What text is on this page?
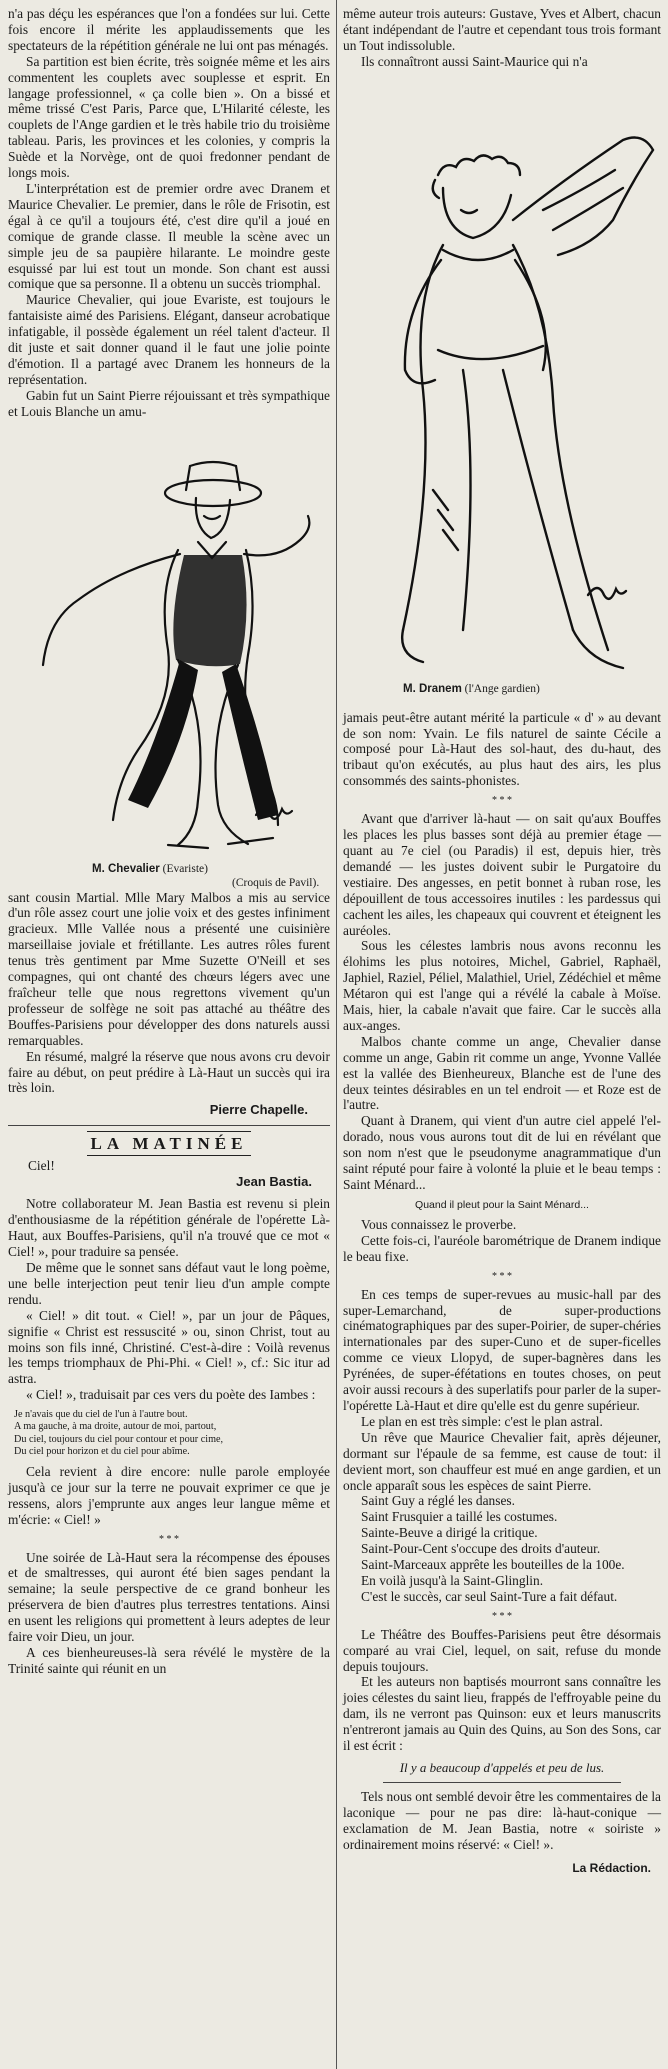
n'a pas déçu les espérances que l'on a fondées sur lui. Cette fois encore il mérite les applaudissements que les spectateurs de la répétition générale ne lui ont pas ménagés.

Sa partition est bien écrite, très soignée même et les airs commentent les couplets avec souplesse et esprit. En langage professionnel, « ça colle bien ». On a bissé et même trissé C'est Paris, Parce que, L'Hilarité céleste, les couplets de l'Ange gardien et le très habile trio du troisième tableau. Paris, les provinces et les colonies, y compris la Suède et la Norvège, ont de quoi fredonner pendant de longs mois.

L'interprétation est de premier ordre avec Dranem et Maurice Chevalier. Le premier, dans le rôle de Frisotin, est égal à ce qu'il a toujours été, c'est dire qu'il a joué en comique de grande classe. Il meuble la scène avec un simple jeu de sa paupière hilarante. Le moindre geste esquissé par lui est tout un monde. Son chant est aussi comique que sa personne. Il a obtenu un succès triomphal.

Maurice Chevalier, qui joue Evariste, est toujours le fantaisiste aimé des Parisiens. Elégant, danseur acrobatique infatigable, il possède également un réel talent d'acteur. Il dit juste et sait donner quand il le faut une jolie pointe d'émotion. Il a partagé avec Dranem les honneurs de la représentation.

Gabin fut un Saint Pierre réjouissant et très sympathique et Louis Blanche un amu-

M. Chevalier (Evariste)
(Croquis de Pavil).

sant cousin Martial. Mlle Mary Malbos a mis au service d'un rôle assez court une jolie voix et des gestes infiniment gracieux. Mlle Vallée nous a présenté une cuisinière marseillaise joviale et frétillante. Les autres rôles furent tenus très gentiment par Mme Suzette O'Neill et ses compagnes, qui ont chanté des chœurs légers avec une fraîcheur telle que nous regrettons vivement qu'un professeur de solfège ne soit pas attaché au théâtre des Bouffes-Parisiens pour développer des dons naturels aussi remarquables.

En résumé, malgré la réserve que nous avons cru devoir faire au début, on peut prédire à Là-Haut un succès qui ira très loin.

Pierre Chapelle.
LA MATINÉE
Ciel!
Jean Bastia.

Notre collaborateur M. Jean Bastia est revenu si plein d'enthousiasme de la répétition générale de l'opérette Là-Haut, aux Bouffes-Parisiens, qu'il n'a trouvé que ce mot « Ciel! », pour traduire sa pensée.

De même que le sonnet sans défaut vaut le long poème, une belle interjection peut tenir lieu d'un ample compte rendu.

« Ciel! » dit tout. « Ciel! », par un jour de Pâques, signifie « Christ est ressuscité » ou, sinon Christ, tout au moins son fils inné, Christiné. C'est-à-dire : Voilà revenus les temps triomphaux de Phi-Phi. « Ciel! », cf.: Sic itur ad astra.

« Ciel! », traduisait par ces vers du poète des Iambes :

Je n'avais que du ciel de l'un à l'autre bout.
A ma gauche, à ma droite, autour de moi, partout,
Du ciel, toujours du ciel pour contour et pour cime,
Du ciel pour horizon et du ciel pour abîme.

Cela revient à dire encore: nulle parole employée jusqu'à ce jour sur la terre ne pouvait exprimer ce que je ressens, alors j'emprunte aux anges leur langue même et m'écrie: « Ciel! »

* * *

Une soirée de Là-Haut sera la récompense des épouses et de smaltresses, qui auront été bien sages pendant la semaine; la seule perspective de ce grand bonheur les préservera de bien d'autres plus terrestres tentations. Ainsi en usent les religions qui promettent à leurs adeptes de leur faire voir Dieu, un jour.

A ces bienheureuses-là sera révélé le mystère de la Trinité sainte qui réunit en un

même auteur trois auteurs: Gustave, Yves et Albert, chacun étant indépendant de l'autre et cependant tous trois formant un Tout indissoluble.

Ils connaîtront aussi Saint-Maurice qui n'a

M. Dranem (l'Ange gardien)

jamais peut-être autant mérité la particule « d' » au devant de son nom: Yvain. Le fils naturel de sainte Cécile a composé pour Là-Haut des sol-haut, des du-haut, des tribaut qu'on exécutés, au plus haut des airs, les plus consommés des saints-phonistes.

* * *

Avant que d'arriver là-haut — on sait qu'aux Bouffes les places les plus basses sont déjà au premier étage — quant au 7e ciel (ou Paradis) il est, depuis hier, très demandé — les justes doivent subir le Purgatoire du vestiaire. Des angesses, en petit bonnet à ruban rose, les dépouillent de tous accessoires inutiles : les pardessus qui cachent les ailes, les chapeaux qui couvrent et éteignent les auréoles.

Sous les célestes lambris nous avons reconnu les élohims les plus notoires, Michel, Gabriel, Raphaël, Japhiel, Raziel, Péliel, Malathiel, Uriel, Zédéchiel et même Métaron qui est l'ange qui a révélé la cabale à Moïse. Mais, hier, la cabale n'avait que faire. Car le succès alla aux-anges.

Malbos chante comme un ange, Chevalier danse comme un ange, Gabin rit comme un ange, Yvonne Vallée est la vallée des Bienheureux, Blanche est de l'une des deux teintes désirables en un tel endroit — et Roze est de l'autre.

Quant à Dranem, qui vient d'un autre ciel appelé l'el-dorado, nous vous aurons tout dit de lui en révélant que son nom n'est que le pseudonyme anagrammatique d'un saint réputé pour faire à volonté la pluie et le beau temps : Saint Ménard...

Quand il pleut pour la Saint Ménard...

Vous connaissez le proverbe.

Cette fois-ci, l'auréole barométrique de Dranem indique le beau fixe.

* * *

En ces temps de super-revues au music-hall par des super-Lemarchand, de super-productions cinématographiques par des super-Poirier, de super-chéries internationales par des super-Cuno et de super-ficelles comme ce vieux Llopyd, de super-bagnères dans les Pyrénées, de super-éfétations en toutes choses, on peut avoir aussi recours à des superlatifs pour parler de la super-l'opérette Là-Haut et dire qu'elle est du genre supérieur.

Le plan en est très simple: c'est le plan astral.

Un rêve que Maurice Chevalier fait, après déjeuner, dormant sur l'épaule de sa femme, est cause de tout: il devient mort, son chauffeur est mué en ange gardien, et un oncle apparaît sous les espèces de saint Pierre.

Saint Guy a réglé les danses.

Saint Frusquier a taillé les costumes.

Sainte-Beuve a dirigé la critique.

Saint-Pour-Cent s'occupe des droits d'auteur.

Saint-Marceaux apprête les bouteilles de la 100e.

En voilà jusqu'à la Saint-Glinglin.

C'est le succès, car seul Saint-Ture a fait défaut.

* * *

Le Théâtre des Bouffes-Parisiens peut être désormais comparé au vrai Ciel, lequel, on sait, refuse du monde depuis toujours.

Et les auteurs non baptisés mourront sans connaître les joies célestes du saint lieu, frappés de l'effroyable peine du dam, ils ne verront pas Quinson: eux et leurs manuscrits n'entreront jamais au Quin des Quins, au Son des Sons, car il est écrit :

Il y a beaucoup d'appelés et peu de lus.

Tels nous ont semblé devoir être les commentaires de la laconique — pour ne pas dire: là-haut-conique — exclamation de M. Jean Bastia, notre « soiriste » ordinairement moins réservé: « Ciel! ».

La Rédaction.
